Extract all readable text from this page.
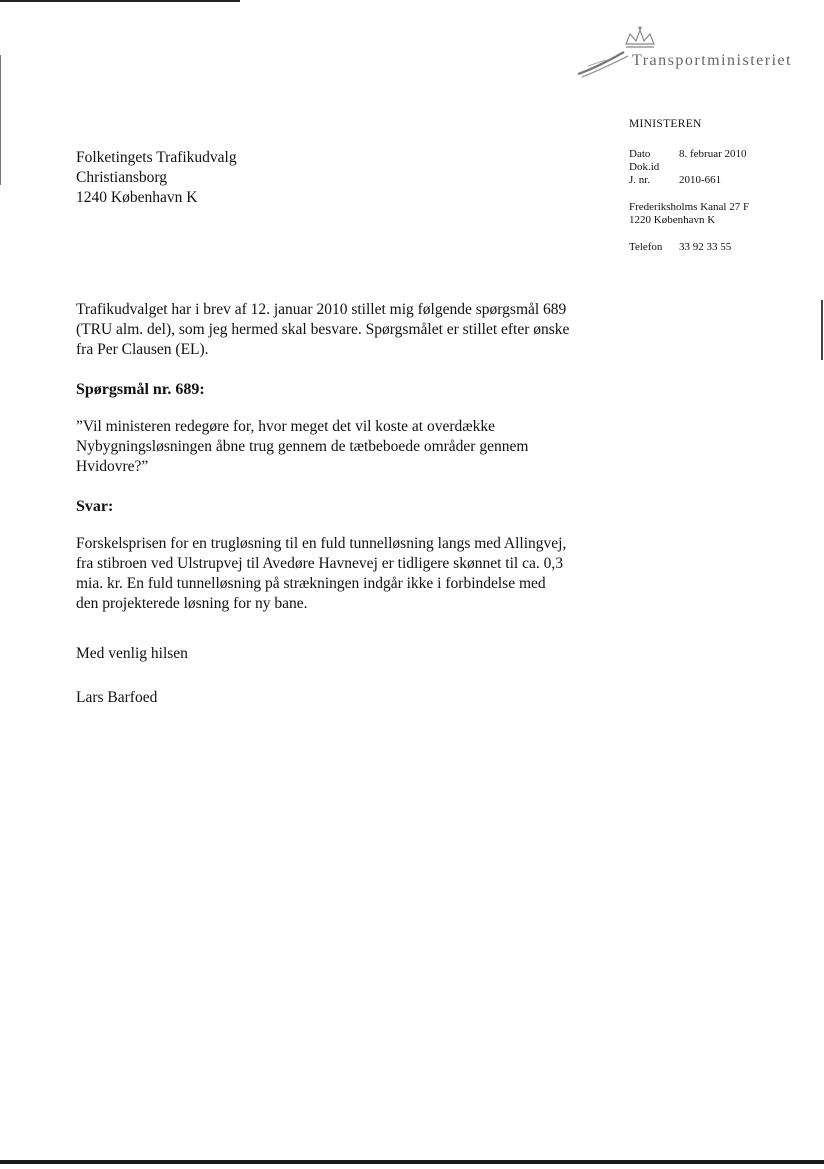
Transportministeriet
MINISTEREN
Dato	8. februar 2010
Dok.id
J. nr.	2010-661
Frederiksholms Kanal 27 F
1220 København K
Telefon	33 92 33 55
Folketingets Trafikudvalg
Christiansborg
1240 København K
Trafikudvalget har i brev af 12. januar 2010 stillet mig følgende spørgsmål 689
(TRU alm. del), som jeg hermed skal besvare. Spørgsmålet er stillet efter ønske
fra Per Clausen (EL).
Spørgsmål nr. 689:
”Vil ministeren redegøre for, hvor meget det vil koste at overdække
Nybygningsløsningen åbne trug gennem de tætbeboede områder gennem
Hvidovre?”
Svar:
Forskelsprisen for en trugløsning til en fuld tunnelløsning langs med Allingvej,
fra stibroen ved Ulstrupvej til Avedøre Havnevej er tidligere skønnet til ca. 0,3
mia. kr. En fuld tunnelløsning på strækningen indgår ikke i forbindelse med
den projekterede løsning for ny bane.
Med venlig hilsen
Lars Barfoed
